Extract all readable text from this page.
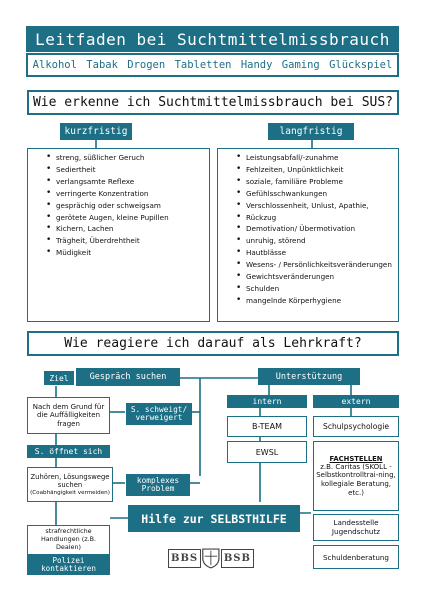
Leitfaden bei Suchtmittelmissbrauch
Alkohol Tabak Drogen Tabletten Handy Gaming Glückspiel
Wie erkenne ich Suchtmittelmissbrauch bei SUS?
kurzfristig	langfristig
• streng, süßlicher Geruch
• Sediertheit
• verlangsamte Reflexe
• verringerte Konzentration
• gesprächig oder schweigsam
• gerötete Augen, kleine Pupillen
• Kichern, Lachen
• Trägheit, Überdrehtheit
• Müdigkeit
• Leistungsabfall/-zunahme
• Fehlzeiten, Unpünktlichkeit
• soziale, familiäre Probleme
• Gefühlsschwankungen
• Verschlossenheit, Unlust, Apathie,
• Rückzug
• Demotivation/ Übermotivation
• unruhig, störend
• Hautblässe
• Wesens- / Persönlichkeitsveränderungen
• Gewichtsveränderungen
• Schulden
• mangelnde Körperhygiene
Wie reagiere ich darauf als Lehrkraft?
Ziel Gespräch suchen
Nach dem Grund für die Auffälligkeiten fragen
S. schweigt/ verweigert
S. öffnet sich
Zuhören, Lösungswege suchen
(Coabhängigkeit vermeiden)
komplexes Problem
strafrechtliche Handlungen (z.B. Dealen)
Polizei kontaktieren
Hilfe zur SELBSTHILFE
Unterstützung
intern	extern
B-TEAM
EWSL
Schulpsychologie
FACHSTELLEN
z.B. Caritas (SKOLL - Selbstkontrolltrai-ning, kollegiale Beratung, etc.)
Landesstelle Jugendschutz
Schuldenberatung
BBS	BSB
